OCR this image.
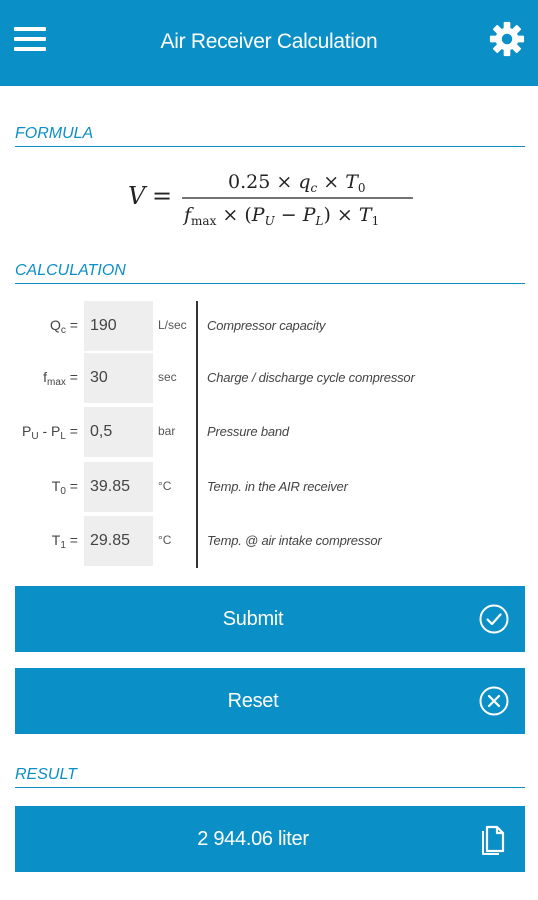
Air Receiver Calculation
FORMULA
V =	$0.25 \times q_c \times T_0$
$f_{max} \times (P_U - P_L) \times T_1$
CALCULATION
$Q_c$ =
190	L/sec Compressor capacity
$f_{max}$ =
30	sec Charge / discharge cycle compressor
$P_U - P_L$ =
0,5	bar Pressure band
$T_0$ =
39.85	°C	Temp. in the AIR receiver
$T_1$ =
29.85	°C	Temp. @ air intake compressor
Submit
Reset
RESULT
2 944.06 liter
